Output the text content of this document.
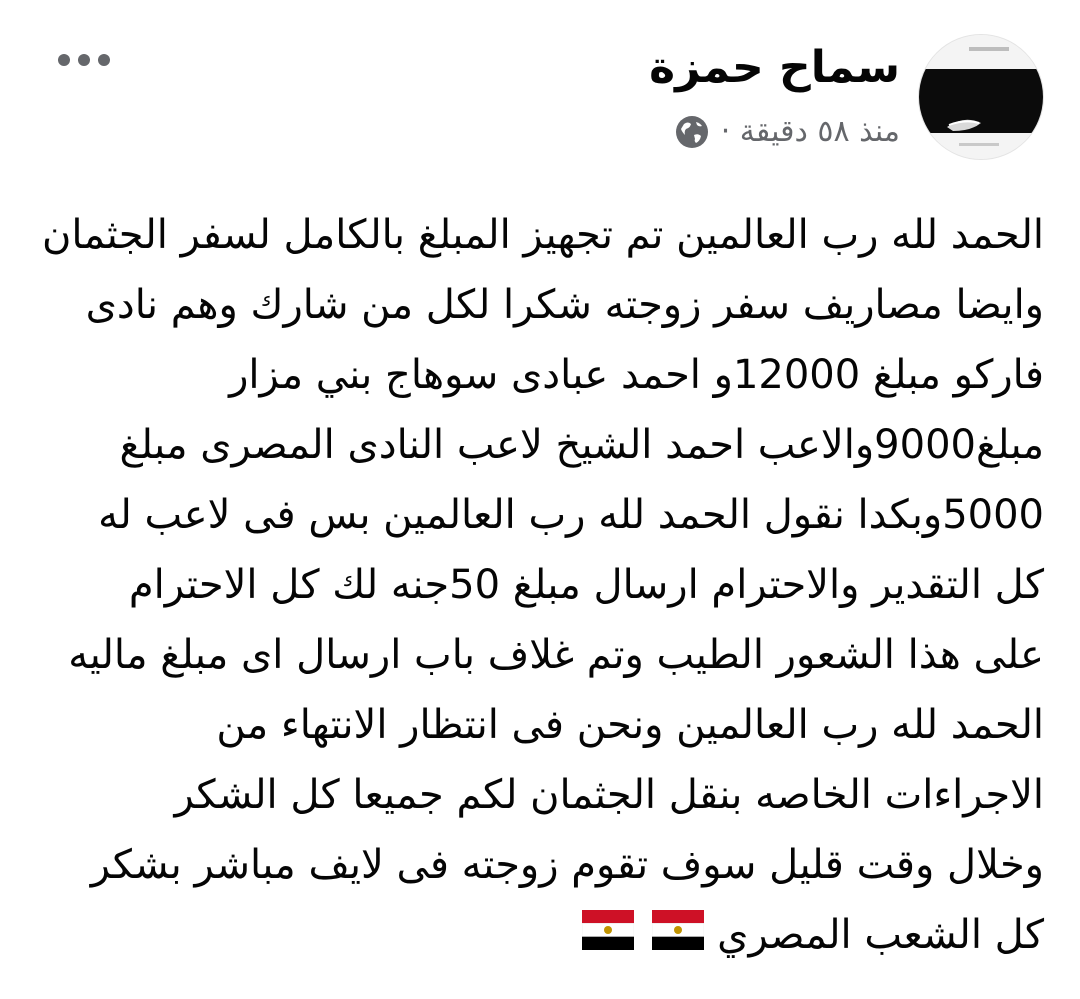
سماح حمزة
منذ ٥٨ دقيقة ·
الحمد لله رب العالمين تم تجهيز المبلغ بالكامل لسفر الجثمان
وايضا مصاريف سفر زوجته شكرا لكل من شارك وهم نادى
فاركو مبلغ 12000و احمد عبادى سوهاج بني مزار
مبلغ9000والاعب احمد الشيخ لاعب النادى المصرى مبلغ
5000وبكدا نقول الحمد لله رب العالمين بس فى لاعب له
كل التقدير والاحترام ارسال مبلغ 50جنه لك كل الاحترام
على هذا الشعور الطيب وتم غلاف باب ارسال اى مبلغ ماليه
الحمد لله رب العالمين ونحن فى انتظار الانتهاء من
الاجراءات الخاصه بنقل الجثمان لكم جميعا كل الشكر
وخلال وقت قليل سوف تقوم زوجته فى لايف مباشر بشكر
كل الشعب المصري
